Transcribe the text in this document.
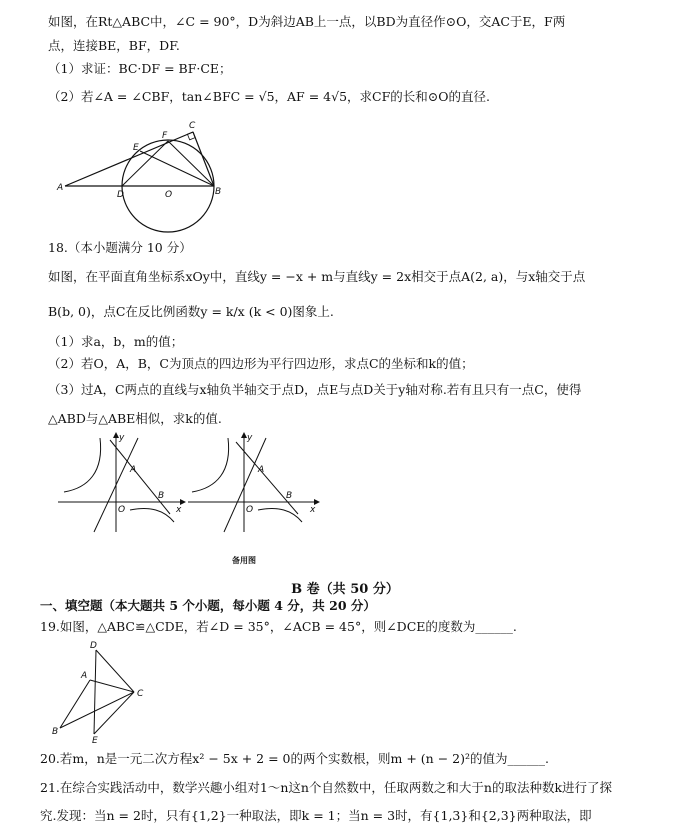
如图，在Rt△ABC中，∠C = 90°，D为斜边AB上一点，以BD为直径作⊙O，交AC于E，F两
点，连接BE，BF，DF.
（1）求证：BC·DF = BF·CE；
（2）若∠A = ∠CBF，tan∠BFC = √5，AF = 4√5，求CF的长和⊙O的直径.
C
F
E
A
D	O	B
18.（本小题满分 10 分）
如图，在平面直角坐标系xOy中，直线y = −x + m与直线y = 2x相交于点A(2, a)，与x轴交于点
B(b, 0)，点C在反比例函数y = k/x (k < 0)图象上.
（1）求a，b，m的值；
（2）若O，A，B，C为顶点的四边形为平行四边形，求点C的坐标和k的值；
（3）过A，C两点的直线与x轴负半轴交于点D，点E与点D关于y轴对称.若有且只有一点C，使得
△ABD与△ABE相似，求k的值.
y
A
B
O	x
y
A
B
O	x
备用图
B 卷（共 50 分）
一、填空题（本大题共 5 个小题，每小题 4 分，共 20 分）
19.如图，△ABC≌△CDE，若∠D = 35°，∠ACB = 45°，则∠DCE的度数为______.
D
A
C
B
E
20.若m，n是一元二次方程x² − 5x + 2 = 0的两个实数根，则m + (n − 2)²的值为______.
21.在综合实践活动中，数学兴趣小组对1～n这n个自然数中，任取两数之和大于n的取法种数k进行了探
究.发现：当n = 2时，只有{1,2}一种取法，即k = 1；当n = 3时，有{1,3}和{2,3}两种取法，即
